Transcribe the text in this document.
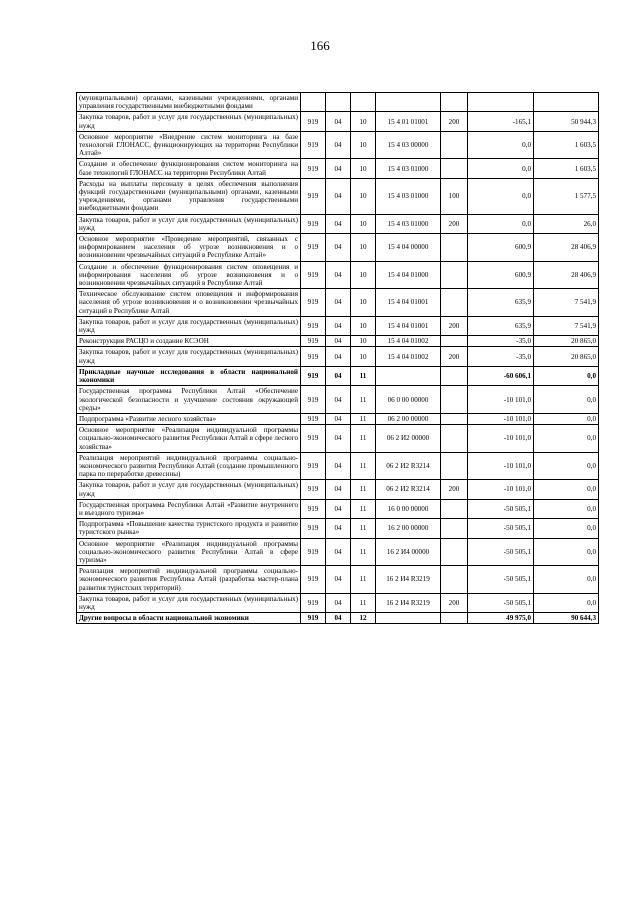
166
(муниципальными) органами, казенными учреждениями, органами управления государственными внебюджетными фондами							
Закупка товаров, работ и услуг для государственных (муниципальных) нужд	919	04	10	15 4 01 01001	200	-165,1	50 944,3
Основное мероприятие «Внедрение систем мониторинга на базе технологий ГЛОНАСС, функционирующих на территории Республики Алтай»	919	04	10	15 4 03 00000		0,0	1 603,5
Создание и обеспечение функционирования систем мониторинга на базе технологий ГЛОНАСС на территории Республики Алтай	919	04	10	15 4 03 01000		0,0	1 603,5
Расходы на выплаты персоналу в целях обеспечения выполнения функций государственными (муниципальными) органами, казенными учреждениями, органами управления государственными внебюджетными фондами	919	04	10	15 4 03 01000	100	0,0	1 577,5
Закупка товаров, работ и услуг для государственных (муниципальных) нужд	919	04	10	15 4 03 01000	200	0,0	26,0
Основное мероприятие «Проведение мероприятий, связанных с информированием населения об угрозе возникновения и о возникновении чрезвычайных ситуаций в Республике Алтай»	919	04	10	15 4 04 00000		600,9	28 406,9
Создание и обеспечение функционирования систем оповещения и информирования населения об угрозе возникновения и о возникновении чрезвычайных ситуаций в Республике Алтай	919	04	10	15 4 04 01000		600,9	28 406,9
Техническое обслуживание систем оповещения и информирования населения об угрозе возникновения и о возникновении чрезвычайных ситуаций в Республике Алтай	919	04	10	15 4 04 01001		635,9	7 541,9
Закупка товаров, работ и услуг для государственных (муниципальных) нужд	919	04	10	15 4 04 01001	200	635,9	7 541,9
Реконструкция РАСЦО и создание КСЭОН	919	04	10	15 4 04 01002		-35,0	20 865,0
Закупка товаров, работ и услуг для государственных (муниципальных) нужд	919	04	10	15 4 04 01002	200	-35,0	20 865,0
Прикладные научные исследования в области национальной экономики	919	04	11			-60 606,1	0,0
Государственная программа Республики Алтай «Обеспечение экологической безопасности и улучшение состояния окружающей среды»	919	04	11	06 0 00 00000		-10 101,0	0,0
Подпрограмма «Развитие лесного хозяйства»	919	04	11	06 2 00 00000		-10 101,0	0,0
Основное мероприятие «Реализация индивидуальной программы социально-экономического развития Республики Алтай в сфере лесного хозяйства»	919	04	11	06 2 И2 00000		-10 101,0	0,0
Реализация мероприятий индивидуальной программы социально-экономического развития Республики Алтай (создание промышленного парка по переработке древесины)	919	04	11	06 2 И2 R3214		-10 101,0	0,0
Закупка товаров, работ и услуг для государственных (муниципальных) нужд	919	04	11	06 2 И2 R3214	200	-10 101,0	0,0
Государственная программа Республики Алтай «Развитие внутреннего и въездного туризма»	919	04	11	16 0 00 00000		-50 505,1	0,0
Подпрограмма «Повышение качества туристского продукта и развитие туристского рынка»	919	04	11	16 2 00 00000		-50 505,1	0,0
Основное мероприятие «Реализация индивидуальной программы социально-экономического развития Республики Алтай в сфере туризма»	919	04	11	16 2 И4 00000		-50 505,1	0,0
Реализация мероприятий индивидуальной программы социально-экономического развития Республика Алтай (разработка мастер-плана развития туристских территорий)	919	04	11	16 2 И4 R3219		-50 505,1	0,0
Закупка товаров, работ и услуг для государственных (муниципальных) нужд	919	04	11	16 2 И4 R3219	200	-50 505,1	0,0
Другие вопросы в области национальной экономики	919	04	12			49 975,0	90 644,3
